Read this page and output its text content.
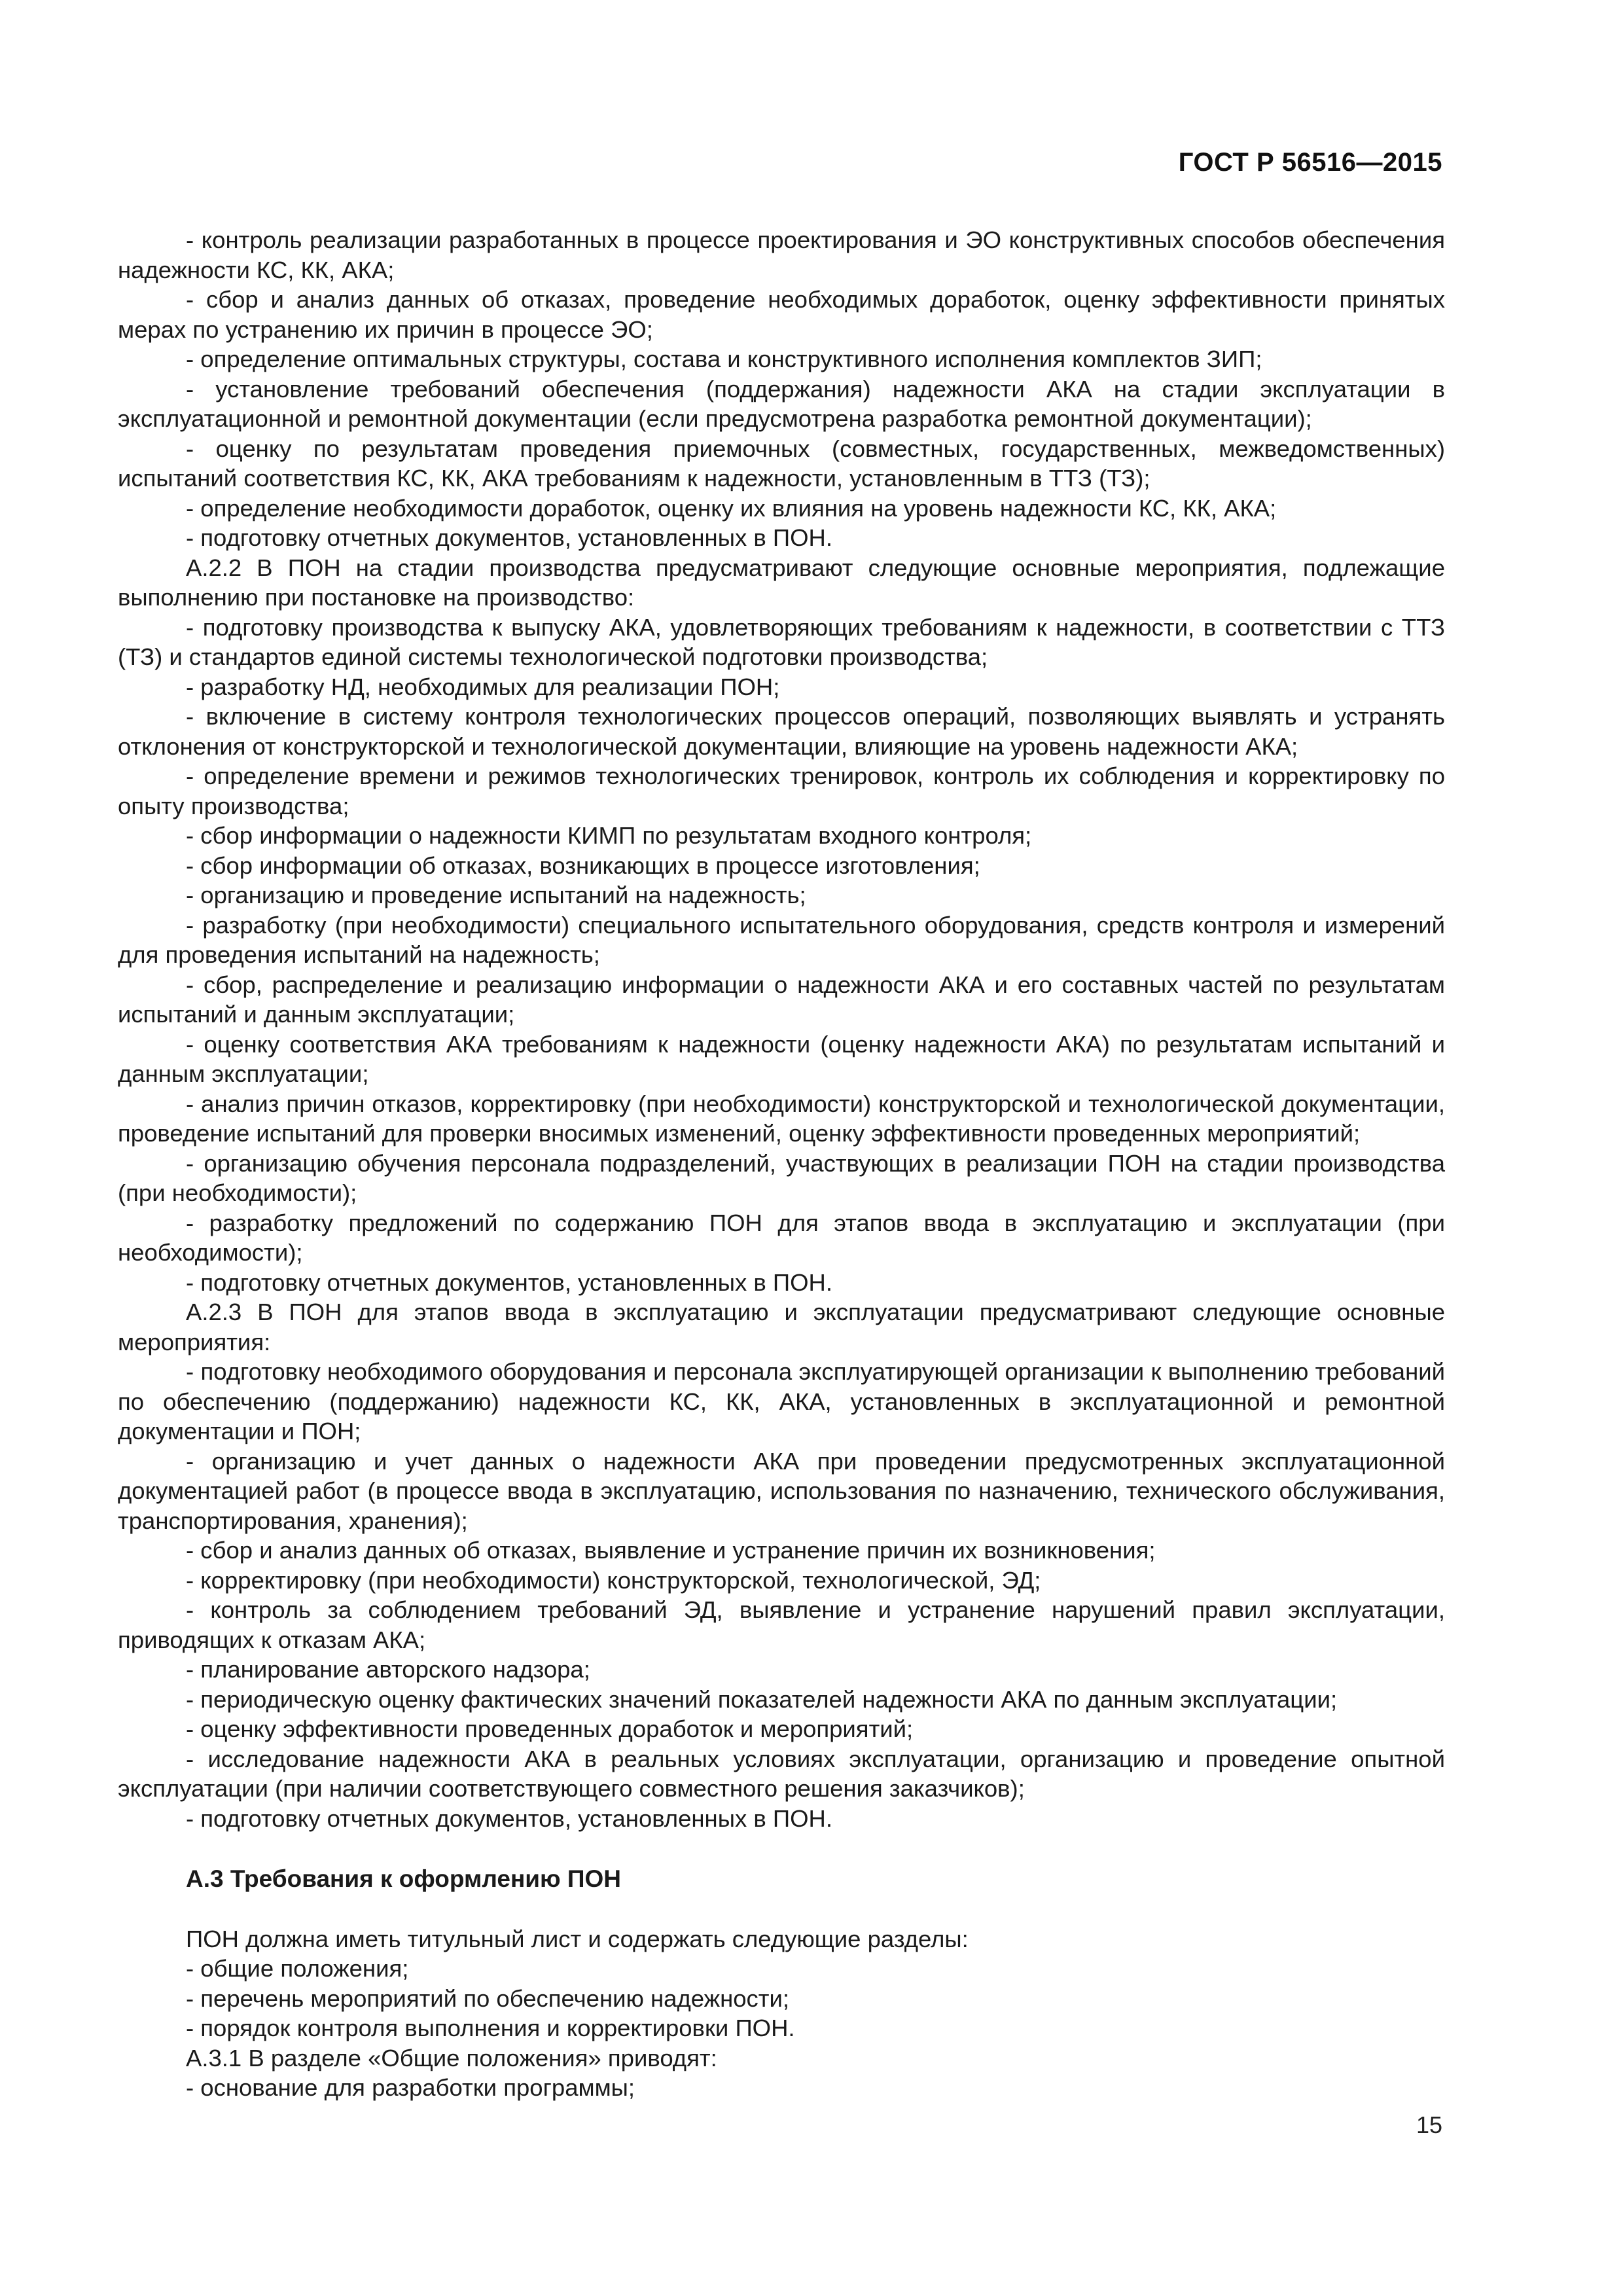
ГОСТ Р 56516—2015

- контроль реализации разработанных в процессе проектирования и ЭО конструктивных способов обеспечения надежности КС, КК, АКА;

- сбор и анализ данных об отказах, проведение необходимых доработок, оценку эффективности принятых мерах по устранению их причин в процессе ЭО;

- определение оптимальных структуры, состава и конструктивного исполнения комплектов ЗИП;

- установление требований обеспечения (поддержания) надежности АКА на стадии эксплуатации в эксплуатационной и ремонтной документации (если предусмотрена разработка ремонтной документации);

- оценку по результатам проведения приемочных (совместных, государственных, межведомственных) испытаний соответствия КС, КК, АКА требованиям к надежности, установленным в ТТЗ (ТЗ);

- определение необходимости доработок, оценку их влияния на уровень надежности КС, КК, АКА;

- подготовку отчетных документов, установленных в ПОН.

А.2.2 В ПОН на стадии производства предусматривают следующие основные мероприятия, подлежащие выполнению при постановке на производство:

- подготовку производства к выпуску АКА, удовлетворяющих требованиям к надежности, в соответствии с ТТЗ (ТЗ) и стандартов единой системы технологической подготовки производства;

- разработку НД, необходимых для реализации ПОН;

- включение в систему контроля технологических процессов операций, позволяющих выявлять и устранять отклонения от конструкторской и технологической документации, влияющие на уровень надежности АКА;

- определение времени и режимов технологических тренировок, контроль их соблюдения и корректировку по опыту производства;

- сбор информации о надежности КИМП по результатам входного контроля;

- сбор информации об отказах, возникающих в процессе изготовления;

- организацию и проведение испытаний на надежность;

- разработку (при необходимости) специального испытательного оборудования, средств контроля и измерений для проведения испытаний на надежность;

- сбор, распределение и реализацию информации о надежности АКА и его составных частей по результатам испытаний и данным эксплуатации;

- оценку соответствия АКА требованиям к надежности (оценку надежности АКА) по результатам испытаний и данным эксплуатации;

- анализ причин отказов, корректировку (при необходимости) конструкторской и технологической документации, проведение испытаний для проверки вносимых изменений, оценку эффективности проведенных мероприятий;

- организацию обучения персонала подразделений, участвующих в реализации ПОН на стадии производства (при необходимости);

- разработку предложений по содержанию ПОН для этапов ввода в эксплуатацию и эксплуатации (при необходимости);

- подготовку отчетных документов, установленных в ПОН.

А.2.3 В ПОН для этапов ввода в эксплуатацию и эксплуатации предусматривают следующие основные мероприятия:

- подготовку необходимого оборудования и персонала эксплуатирующей организации к выполнению требований по обеспечению (поддержанию) надежности КС, КК, АКА, установленных в эксплуатационной и ремонтной документации и ПОН;

- организацию и учет данных о надежности АКА при проведении предусмотренных эксплуатационной документацией работ (в процессе ввода в эксплуатацию, использования по назначению, технического обслуживания, транспортирования, хранения);

- сбор и анализ данных об отказах, выявление и устранение причин их возникновения;

- корректировку (при необходимости) конструкторской, технологической, ЭД;

- контроль за соблюдением требований ЭД, выявление и устранение нарушений правил эксплуатации, приводящих к отказам АКА;

- планирование авторского надзора;

- периодическую оценку фактических значений показателей надежности АКА по данным эксплуатации;

- оценку эффективности проведенных доработок и мероприятий;

- исследование надежности АКА в реальных условиях эксплуатации, организацию и проведение опытной эксплуатации (при наличии соответствующего совместного решения заказчиков);

- подготовку отчетных документов, установленных в ПОН.

А.3 Требования к оформлению ПОН

ПОН должна иметь титульный лист и содержать следующие разделы:

- общие положения;

- перечень мероприятий по обеспечению надежности;

- порядок контроля выполнения и корректировки ПОН.

А.3.1 В разделе «Общие положения» приводят:

- основание для разработки программы;

15
